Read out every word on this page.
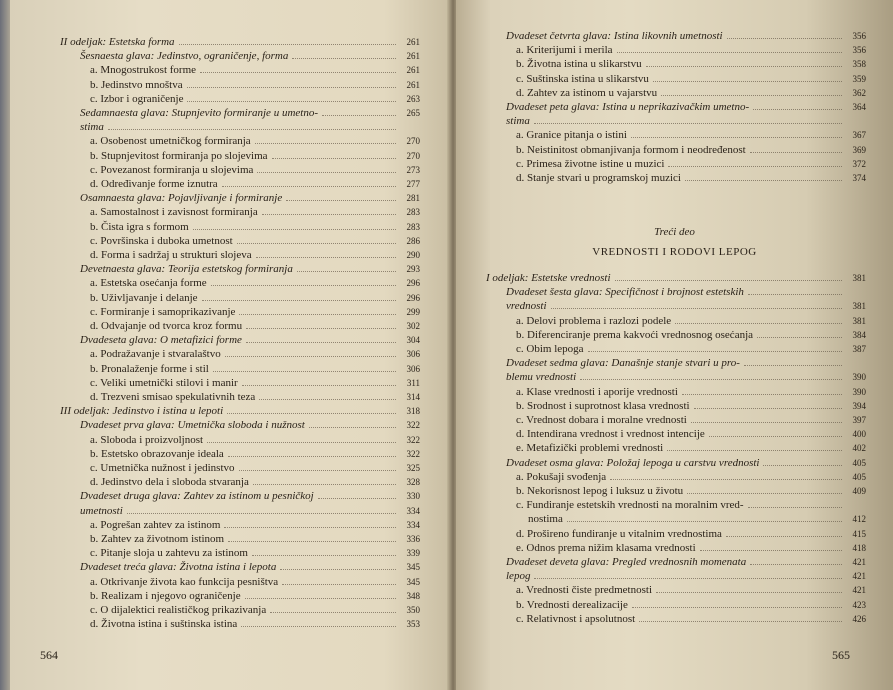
II odeljak: Estetska forma	261
Šesnaesta glava: Jedinstvo, ograničenje, forma	261
a. Mnogostrukost forme	261
b. Jedinstvo mnoštva	261
c. Izbor i ograničenje	263
Sedamnaesta glava: Stupnjevito formiranje u umetno-	265
stima
a. Osobenost umetničkog formiranja	270
b. Stupnjevitost formiranja po slojevima	270
c. Povezanost formiranja u slojevima	273
d. Određivanje forme iznutra	277
Osamnaesta glava: Pojavljivanje i formiranje	281
a. Samostalnost i zavisnost formiranja	283
b. Čista igra s formom	283
c. Površinska i duboka umetnost	286
d. Forma i sadržaj u strukturi slojeva	290
Devetnaesta glava: Teorija estetskog formiranja	293
a. Estetska osećanja forme	296
b. Uživljavanje i delanje	296
c. Formiranje i samoprikazivanje	299
d. Odvajanje od tvorca kroz formu	302
Dvadeseta glava: O metafizici forme	304
a. Podražavanje i stvaralaštvo	306
b. Pronalaženje forme i stil	306
c. Veliki umetnički stilovi i manir	311
d. Trezveni smisao spekulativnih teza	314
III odeljak: Jedinstvo i istina u lepoti	318
Dvadeset prva glava: Umetnička sloboda i nužnost	322
a. Sloboda i proizvoljnost	322
b. Estetsko obrazovanje ideala	322
c. Umetnička nužnost i jedinstvo	325
d. Jedinstvo dela i sloboda stvaranja	328
Dvadeset druga glava: Zahtev za istinom u pesničkoj	330
umetnosti	334
a. Pogrešan zahtev za istinom	334
b. Zahtev za životnom istinom	336
c. Pitanje sloja u zahtevu za istinom	339
Dvadeset treća glava: Životna istina i lepota	345
a. Otkrivanje života kao funkcija pesništva	345
b. Realizam i njegovo ograničenje	348
c. O dijalektici realističkog prikazivanja	350
d. Životna istina i suštinska istina	353
564
Dvadeset četvrta glava: Istina likovnih umetnosti	356
a. Kriterijumi i merila	356
b. Životna istina u slikarstvu	358
c. Suštinska istina u slikarstvu	359
d. Zahtev za istinom u vajarstvu	362
Dvadeset peta glava: Istina u neprikazivačkim umetno-	364
stima
a. Granice pitanja o istini	367
b. Neistinitost obmanjivanja formom i neodređenost	369
c. Primesa životne istine u muzici	372
d. Stanje stvari u programskoj muzici	374
Treći deo
VREDNOSTI I RODOVI LEPOG
I odeljak: Estetske vrednosti	381
Dvadeset šesta glava: Specifičnost i brojnost estetskih
vrednosti	381
a. Delovi problema i razlozi podele	381
b. Diferenciranje prema kakvoći vrednosnog osećanja	384
c. Obim lepoga	387
Dvadeset sedma glava: Današnje stanje stvari u pro-
blemu vrednosti	390
a. Klase vrednosti i aporije vrednosti	390
b. Srodnost i suprotnost klasa vrednosti	394
c. Vrednost dobara i moralne vrednosti	397
d. Intendirana vrednost i vrednost intencije	400
e. Metafizički problemi vrednosti	402
Dvadeset osma glava: Položaj lepoga u carstvu vrednosti	405
a. Pokušaji svođenja	405
b. Nekorisnost lepog i luksuz u životu	409
c. Fundiranje estetskih vrednosti na moralnim vred-
nostima	412
d. Prošireno fundiranje u vitalnim vrednostima	415
e. Odnos prema nižim klasama vrednosti	418
Dvadeset deveta glava: Pregled vrednosnih momenata	421
lepog	421
a. Vrednosti čiste predmetnosti	421
b. Vrednosti derealizacije	423
c. Relativnost i apsolutnost	426
565
